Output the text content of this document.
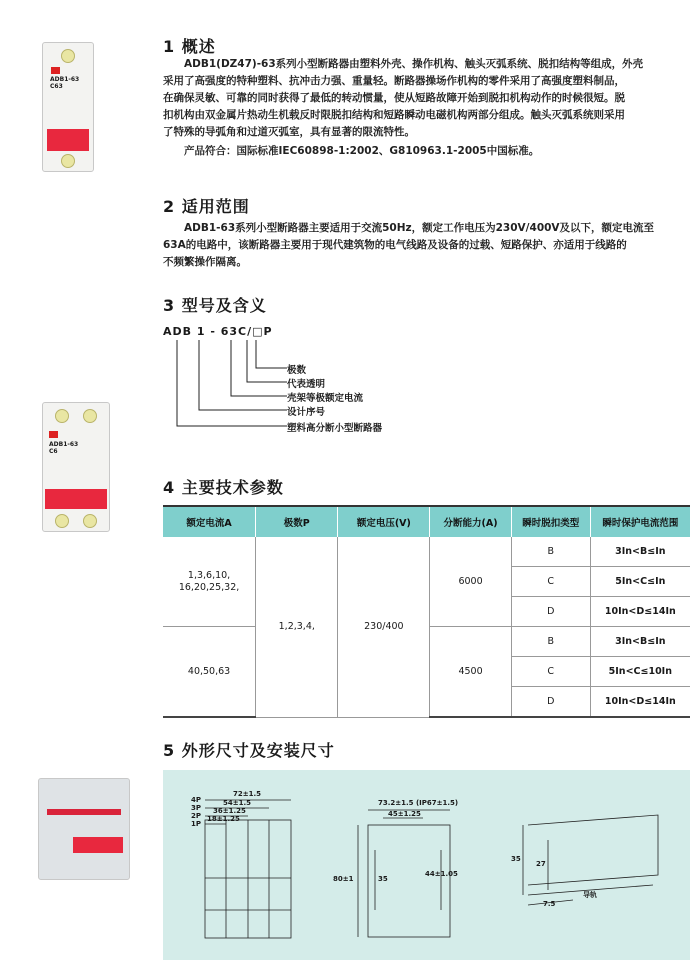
ADB1-63
C63
ADB1-63
C6
1 概述

ADB1(DZ47)-63系列小型断路器由塑料外壳、操作机构、触头灭弧系统、脱扣结构等组成，外壳

采用了高强度的特种塑料、抗冲击力强、重量轻。断路器操场作机构的零件采用了高强度塑料制品，

在确保灵敏、可靠的同时获得了最低的转动惯量，使从短路故障开始到脱扣机构动作的时候很短。脱

扣机构由双金属片热动生机载反时限脱扣结构和短路瞬动电磁机构两部分组成。触头灭弧系统则采用

了特殊的导弧角和过道灭弧室，具有显著的限流特性。

产品符合：国际标准IEC60898-1:2002、G810963.1-2005中国标准。

2 适用范围

ADB1-63系列小型断路器主要适用于交流50Hz，额定工作电压为230V/400V及以下，额定电流至

63A的电路中，该断路器主要用于现代建筑物的电气线路及设备的过载、短路保护、亦适用于线路的

不频繁操作隔离。

3 型号及含义
ADB 1 - 63C/□P
极数
代表透明
壳架等极额定电流
设计序号
塑料高分断小型断路器
4 主要技术参数
额定电流A	极数P	额定电压(V)	分断能力(A)	瞬时脱扣类型	瞬时保护电流范围
1,3,6,10,
16,20,25,32,	1,2,3,4,	230/400	6000	B	3In<B≤In
				C	5In<C≤In
				D	10In<D≤14In
40,50,63			4500	B	3In<B≤In
				C	5In<C≤10In
				D	10In<D≤14In
5 外形尺寸及安装尺寸
4P
3P
2P
1P
72±1.5
54±1.5
36±1.25
18±1.25
73.2±1.5 (IP67±1.5)
45±1.25
80±1	35
44±1.05
35
27
7.5
导轨
